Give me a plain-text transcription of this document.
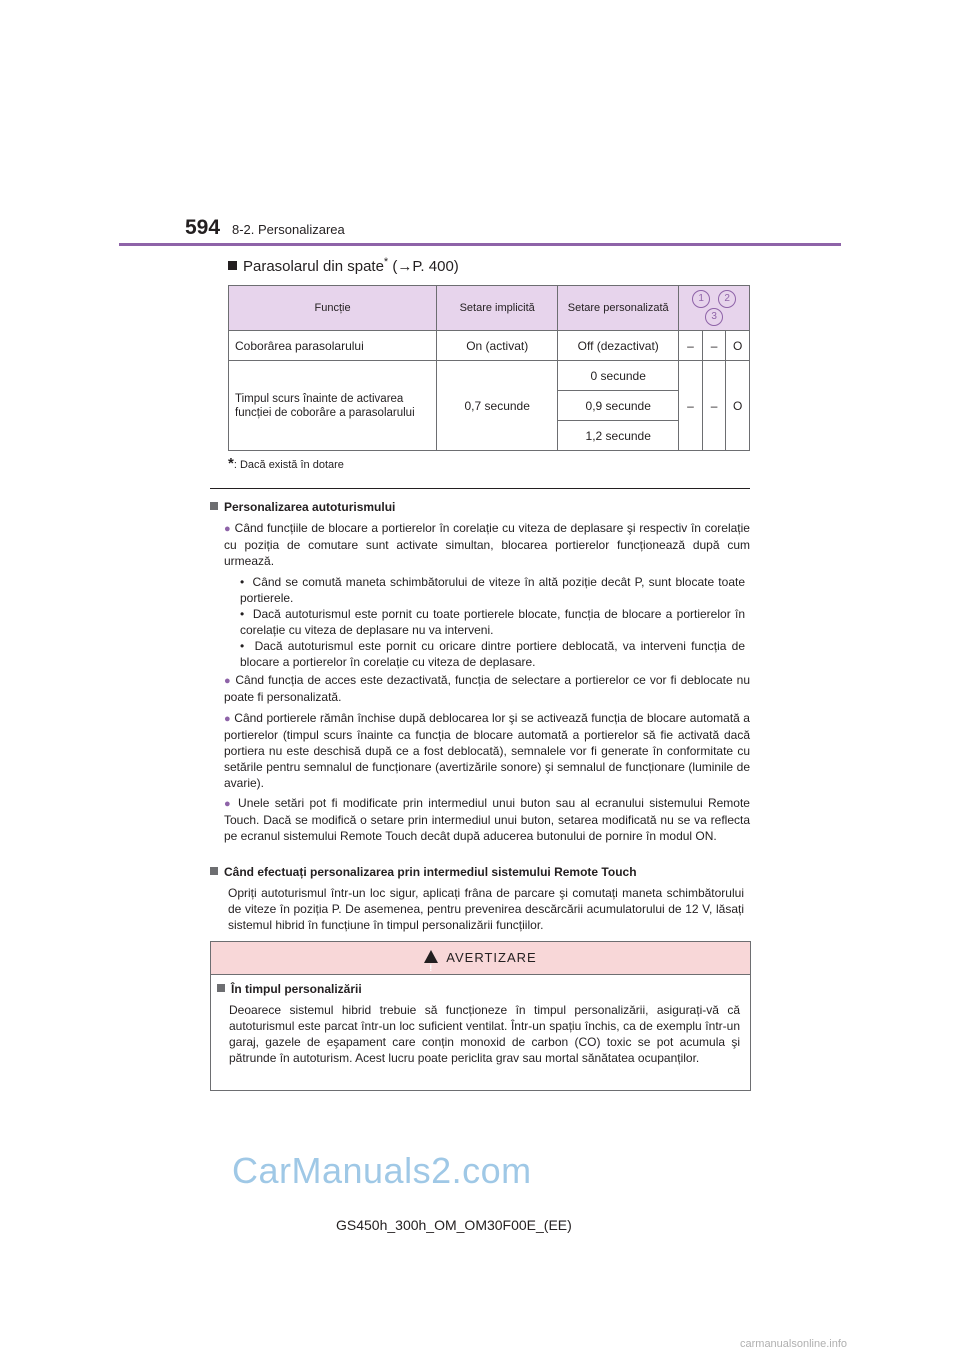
594 8-2. Personalizarea
Parasolarul din spate* (→P. 400)
Funcție	Setare implicită	Setare personalizată	1 23		
Coborârea parasolarului	On (activat)	Off (dezactivat)	–	–	O
Timpul scurs înainte de activarea funcției de coborâre a parasolarului	0,7 secunde	0 secunde	–	–	O
		0,9 secunde			
		1,2 secunde			
*: Dacă există în dotare
Personalizarea autoturismului
● Când funcțiile de blocare a portierelor în corelație cu viteza de deplasare şi respectiv în corelație cu poziția de comutare sunt activate simultan, blocarea portierelor funcționează după cum urmează.
• Când se comută maneta schimbătorului de viteze în altă poziție decât P, sunt blocate toate portierele.
• Dacă autoturismul este pornit cu toate portierele blocate, funcția de blocare a portierelor în corelație cu viteza de deplasare nu va interveni.
• Dacă autoturismul este pornit cu oricare dintre portiere deblocată, va interveni funcția de blocare a portierelor în corelație cu viteza de deplasare.
● Când funcția de acces este dezactivată, funcția de selectare a portierelor ce vor fi deblocate nu poate fi personalizată.
● Când portierele rămân închise după deblocarea lor şi se activează funcția de blocare automată a portierelor (timpul scurs înainte ca funcția de blocare automată a portierelor să fie activată dacă portiera nu este deschisă după ce a fost deblocată), semnalele vor fi generate în conformitate cu setările pentru semnalul de funcționare (avertizările sonore) şi semnalul de funcționare (luminile de avarie).
● Unele setări pot fi modificate prin intermediul unui buton sau al ecranului sistemului Remote Touch. Dacă se modifică o setare prin intermediul unui buton, setarea modificată nu se va reflecta pe ecranul sistemului Remote Touch decât după aducerea butonului de pornire în modul ON.
Când efectuați personalizarea prin intermediul sistemului Remote Touch
Opriți autoturismul într-un loc sigur, aplicați frâna de parcare şi comutați maneta schimbătorului de viteze în poziția P. De asemenea, pentru prevenirea descărcării acumulatorului de 12 V, lăsați sistemul hibrid în funcțiune în timpul personalizării funcțiilor.
!
AVERTIZARE
În timpul personalizării
Deoarece sistemul hibrid trebuie să funcționeze în timpul personalizării, asigurați-vă că autoturismul este parcat într-un loc suficient ventilat. Într-un spațiu închis, ca de exemplu într-un garaj, gazele de eşapament care conțin monoxid de carbon (CO) toxic se pot acumula şi pătrunde în autoturism. Acest lucru poate periclita grav sau mortal sănătatea ocupanților.
CarManuals2.com
GS450h_300h_OM_OM30F00E_(EE)
carmanualsonline.info
